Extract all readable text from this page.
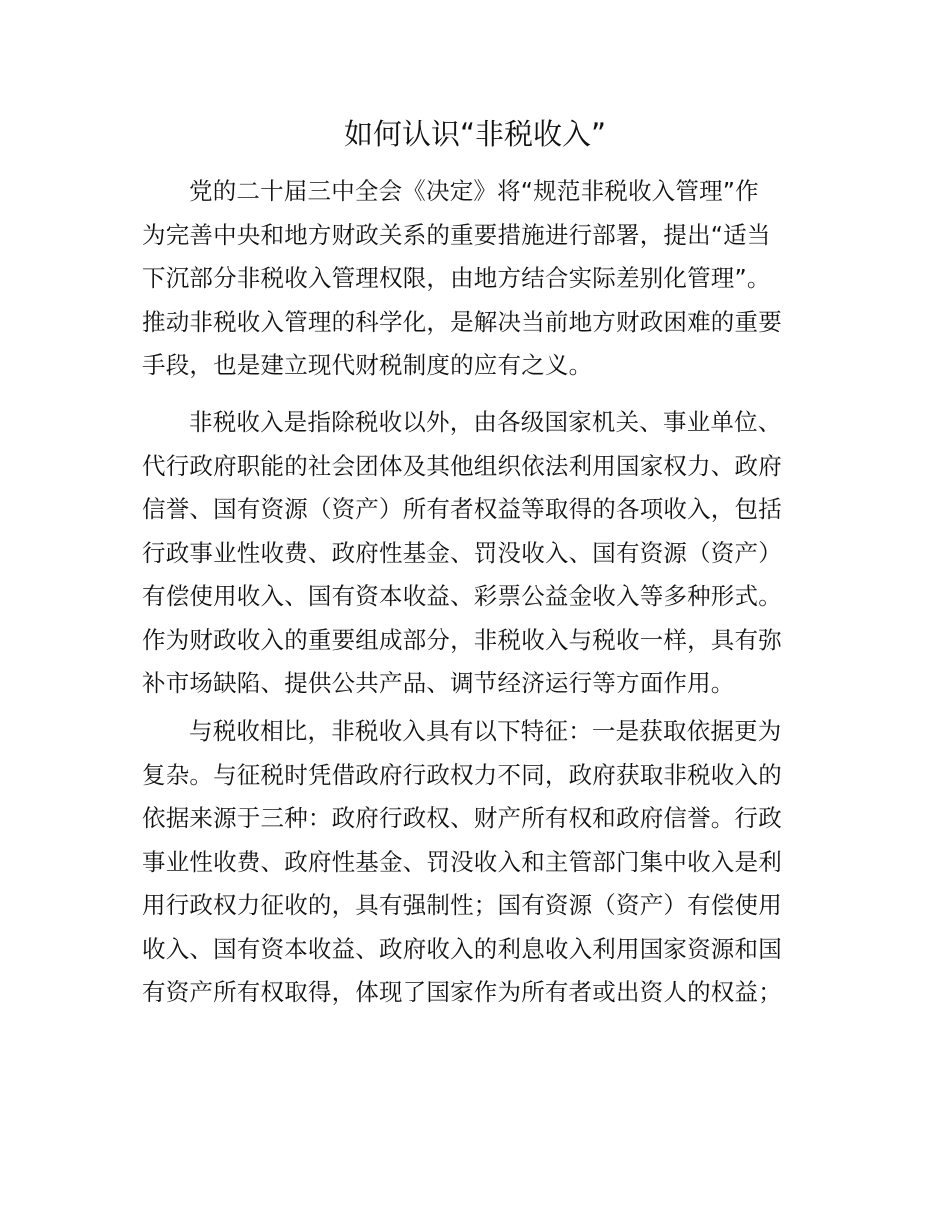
如何认识“非税收入”

党的二十届三中全会《决定》将“规范非税收入管理”作
为完善中央和地方财政关系的重要措施进行部署，提出“适当
下沉部分非税收入管理权限，由地方结合实际差别化管理”。
推动非税收入管理的科学化，是解决当前地方财政困难的重要
手段，也是建立现代财税制度的应有之义。

非税收入是指除税收以外，由各级国家机关、事业单位、
代行政府职能的社会团体及其他组织依法利用国家权力、政府
信誉、国有资源（资产）所有者权益等取得的各项收入，包括
行政事业性收费、政府性基金、罚没收入、国有资源（资产）
有偿使用收入、国有资本收益、彩票公益金收入等多种形式。
作为财政收入的重要组成部分，非税收入与税收一样，具有弥
补市场缺陷、提供公共产品、调节经济运行等方面作用。

与税收相比，非税收入具有以下特征：一是获取依据更为
复杂。与征税时凭借政府行政权力不同，政府获取非税收入的
依据来源于三种：政府行政权、财产所有权和政府信誉。行政
事业性收费、政府性基金、罚没收入和主管部门集中收入是利
用行政权力征收的，具有强制性；国有资源（资产）有偿使用
收入、国有资本收益、政府收入的利息收入利用国家资源和国
有资产所有权取得，体现了国家作为所有者或出资人的权益；
